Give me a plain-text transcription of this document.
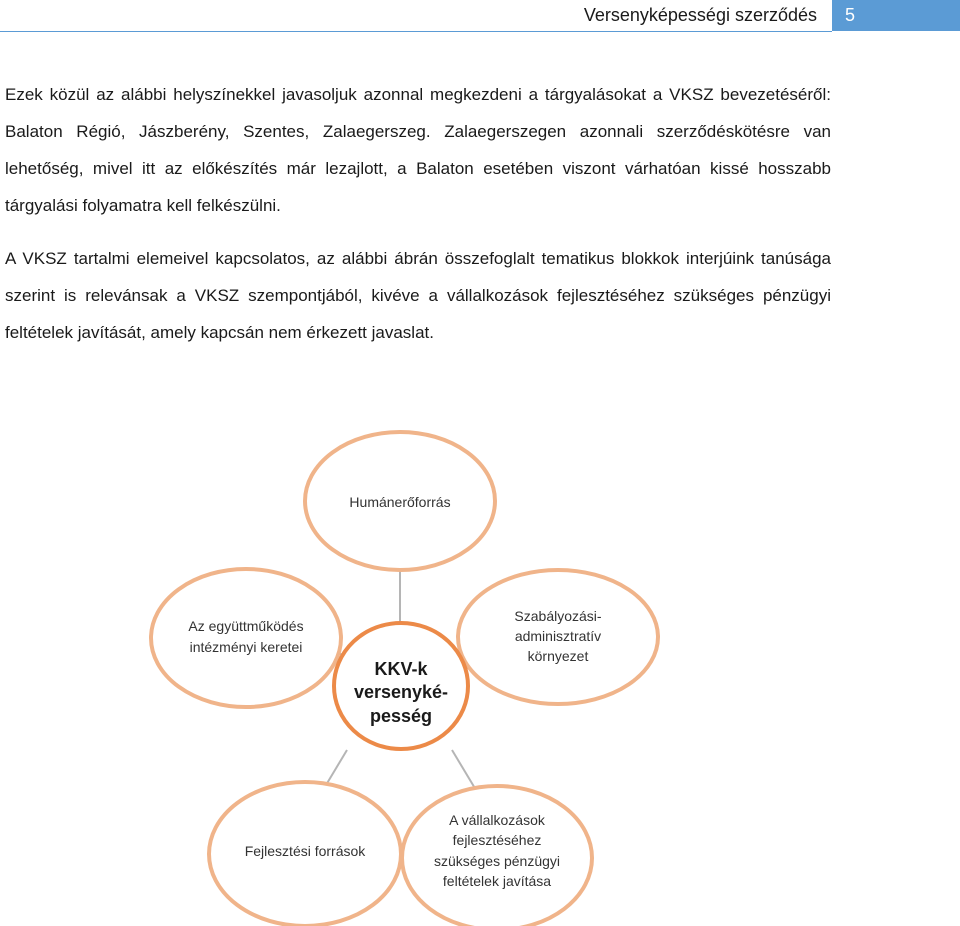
Versenyképességi szerződés	5

Ezek közül az alábbi helyszínekkel javasoljuk azonnal megkezdeni a tárgyalásokat a VKSZ bevezetéséről: Balaton Régió, Jászberény, Szentes, Zalaegerszeg. Zalaegerszegen azonnali szerződéskötésre van lehetőség, mivel itt az előkészítés már lezajlott, a Balaton esetében viszont várhatóan kissé hosszabb tárgyalási folyamatra kell felkészülni.

A VKSZ tartalmi elemeivel kapcsolatos, az alábbi ábrán összefoglalt tematikus blokkok interjúink tanúsága szerint is relevánsak a VKSZ szempontjából, kivéve a vállalkozások fejlesztéséhez szükséges pénzügyi feltételek javítását, amely kapcsán nem érkezett javaslat.

Humánerőforrás
Az együttműködés
intézményi keretei
Szabályozási-
adminisztratív
környezet
Fejlesztési források
A vállalkozások
fejlesztéséhez
szükséges pénzügyi
feltételek javítása
KKV-k
versenyké-
pesség
